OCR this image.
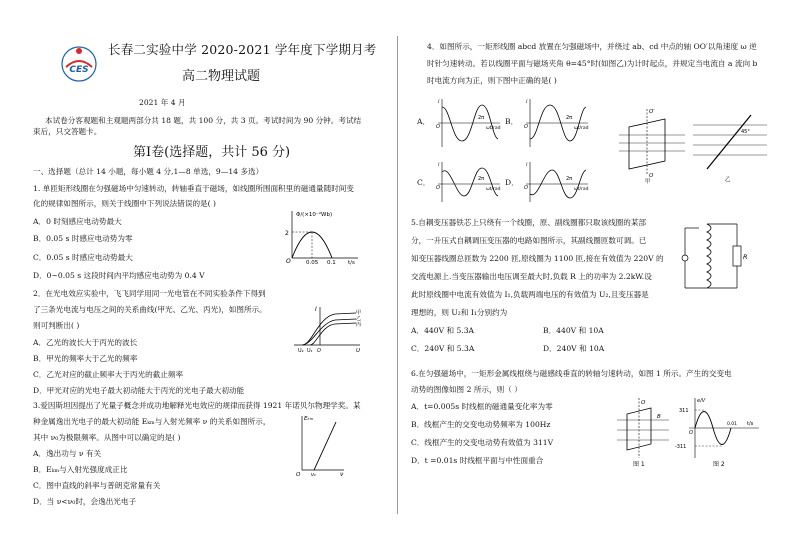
CES
长春二实验中学 2020-2021 学年度下学期月考
高二物理试题
2021 年 4 月
本试卷分客观题和主观题两部分共 18 题，共 100 分，共 3 页。考试时间为 90 分钟。考试结
束后，只交答题卡。
第Ⅰ卷(选择题，共计 56 分)
一、选择题（总计 14 小题，每小题 4 分,1—8 单选，9—14 多选）
1. 单匝矩形线圈在匀强磁场中匀速转动，转轴垂直于磁场，如线圈所围面积里的磁通量随时间变
化的规律如图所示，则关于线圈中下列说法错误的是( )
A．0 时刻感应电动势最大
B．0.05 s 时感应电动势为零
C．0.05 s 时感应电动势最大
D．0~0.05 s 这段时间内平均感应电动势为 0.4 V
Φ/(×10⁻²Wb)
2
O	0.05 0.1 t/s
2．在光电效应实验中，飞飞同学用同一光电管在不同实验条件下得到
了三条光电流与电压之间的关系曲线(甲光、乙光、丙光)，如图所示。
则可判断出( )
A．乙光的波长大于丙光的波长
B．甲光的频率大于乙光的频率
C．乙光对应的截止频率大于丙光的截止频率
D．甲光对应的光电子最大初动能大于丙光的光电子最大初动能
I	甲
乙
丙
U₂ U₁ O	U
3.爱因斯坦因提出了光量子概念并成功地解释光电效应的规律而获得 1921 年诺贝尔物理学奖。某
种金属逸出光电子的最大初动能 Eₖₘ与入射光频率 ν 的关系如图所示，
其中 ν₀为极限频率。从图中可以确定的是( )
A．逸出功与 ν 有关
B．Eₖₘ与入射光强度成正比
C．图中直线的斜率与普朗克常量有关
D．当 ν<ν₀时，会逸出光电子
Eₖₘ
O ν₀	ν
4．如图所示，一矩形线圈 abcd 放置在匀强磁场中，并绕过 ab、cd 中点的轴 OO′以角速度 ω 逆
时针匀速转动。若以线圈平面与磁场夹角 θ=45°时(如图乙)为计时起点，并规定当电流自 a 流向 b
时电流方向为正，则下图中正确的是( )
A．	B．
C．	D．
i
O
2π
ωt/rad
i
O
2π
ωt/rad
i
O
2π
ωt/rad
i
O
2π
ωt/rad
O′
O
甲
45°
乙
5.自耦变压器铁芯上只绕有一个线圈，原、副线圈都只取该线圈的某部
分，一升压式自耦调压变压器的电路如图所示，其副线圈匝数可调。已
知变压器线圈总匝数为 2200 匝,原线圈为 1100 匝,接在有效值为 220V 的
交流电源上.当变压器输出电压调至最大时,负载 R 上的功率为 2.2kW.设
此时原线圈中电流有效值为 I₁,负载两端电压的有效值为 U₂,且变压器是
理想的，则 U₂和 I₁分别约为
A．440V 和 5.3A	B．440V 和 10A
C．240V 和 5.3A	D．240V 和 10A
R
6.在匀强磁场中，一矩形金属线框绕与磁感线垂直的转轴匀速转动，如图 1 所示。产生的交变电
动势的图像如图 2 所示，则（ ）
A．t=0.005s 时线框的磁通量变化率为零
B．线框产生的交变电动势频率为 100Hz
C．线框产生的交变电动势有效值为 311V
D．t =0.01s 时线框平面与中性面重合
B
O
图 1
e/V
311
-311
O
0.01 t/s
图 2
